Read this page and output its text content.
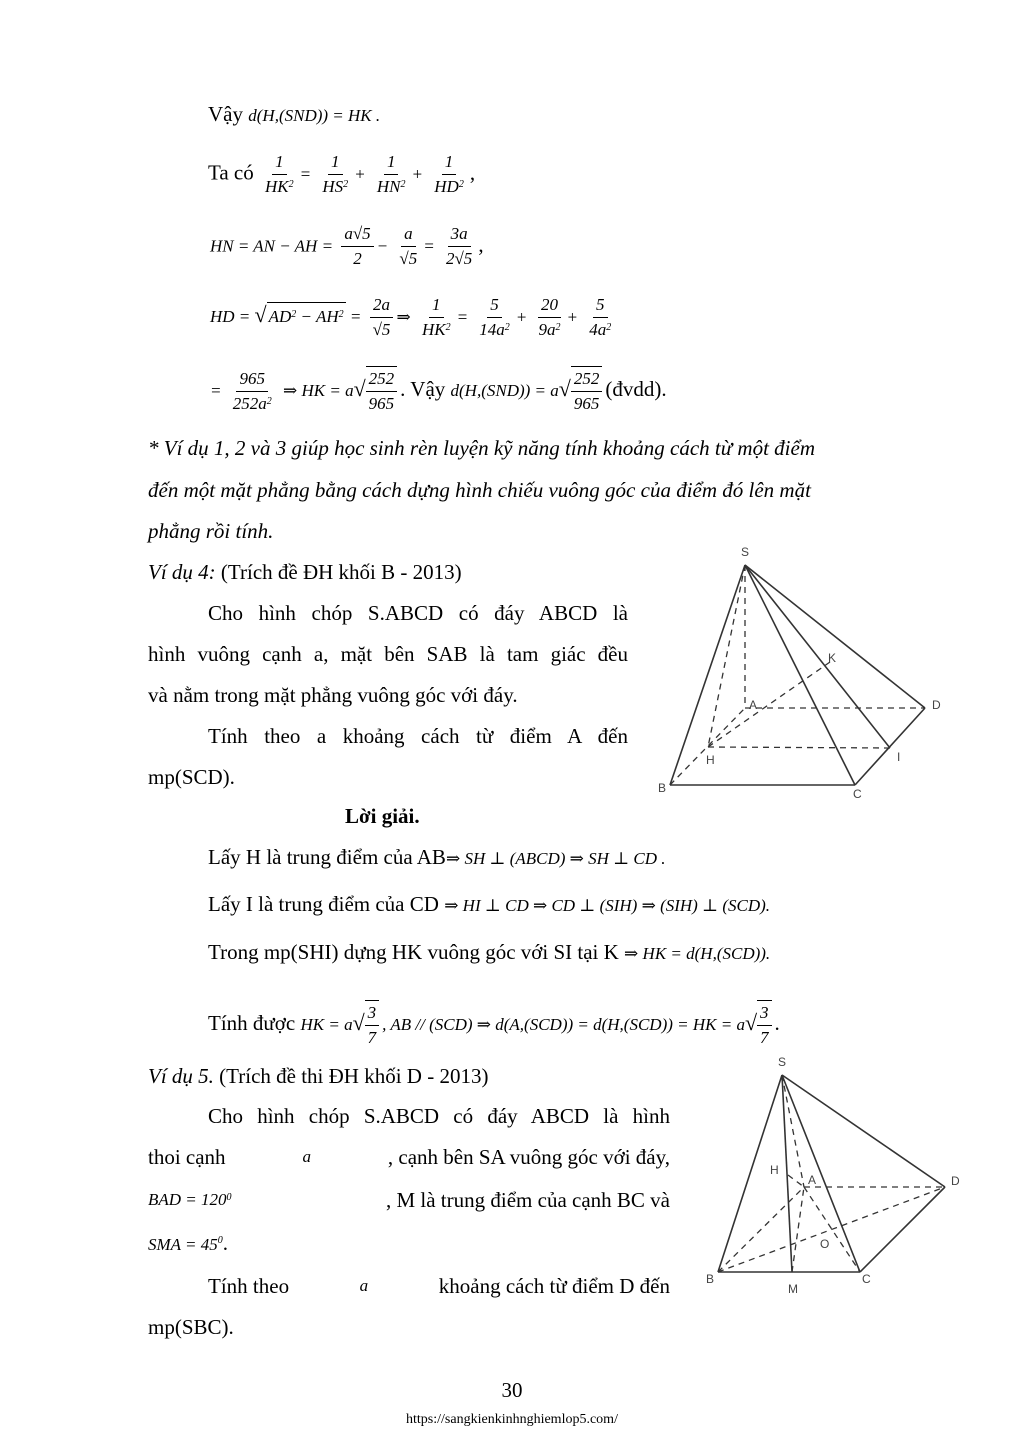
Vậy d(H,(SND)) = HK .
Ta có $\frac{1}{HK^2} = \frac{1}{HS^2} + \frac{1}{HN^2} + \frac{1}{HD^2}$ ,
HN = AN − AH = $\frac{a√5}{2} - \frac{a}{√5} = \frac{3a}{2√5}$ ,
HD = √ $AD^2 - AH^2 = \frac{2a}{√5}$ ⇒ $\frac{1}{HK^2} = \frac{5}{14a^2} + \frac{20}{9a^2} + \frac{5}{4a^2}$
= $\frac{965}{252a^2}$ ⇒ HK = $a√ \frac{252}{965}$ . Vậy $d(H,(SND)) = a√ \frac{252}{965}$ (đvdd).
* Ví dụ 1, 2 và 3 giúp học sinh rèn luyện kỹ năng tính khoảng cách từ một điểm
đến một mặt phẳng bằng cách dựng hình chiếu vuông góc của điểm đó lên mặt
phẳng rồi tính.
Ví dụ 4: (Trích đề ĐH khối B - 2013)
Cho hình chóp S.ABCD có đáy ABCD là
hình vuông cạnh a, mặt bên SAB là tam giác đều
và nằm trong mặt phẳng vuông góc với đáy.
Tính theo a khoảng cách từ điểm A đến
mp(SCD).
S
K
A	D
H	I
B	C
Lời giải.
Lấy H là trung điểm của AB⇒ SH ⊥ (ABCD) ⇒ SH ⊥ CD .
Lấy I là trung điểm của CD ⇒ HI ⊥ CD ⇒ CD ⊥ (SIH) ⇒ (SIH) ⊥ (SCD).
Trong mp(SHI) dựng HK vuông góc với SI tại K ⇒ HK = d(H,(SCD)).
Tính được HK = $a√ \frac{3}{7}$ , AB // (SCD) ⇒ d(A,(SCD)) = d(H,(SCD)) = HK = $a√ \frac{3}{7}$ .
Ví dụ 5. (Trích đề thi ĐH khối D - 2013)
Cho hình chóp S.ABCD có đáy ABCD là hình
thoi cạnh	a	, cạnh bên SA vuông góc với đáy,
BAD = $120^0$	, M là trung điểm của cạnh BC và
SMA = $45^0$.
Tính theo	a	khoảng cách từ điểm D đến
mp(SBC).
S
H
A	D
O
B
M
C
30
https://sangkienkinhnghiemlop5.com/
